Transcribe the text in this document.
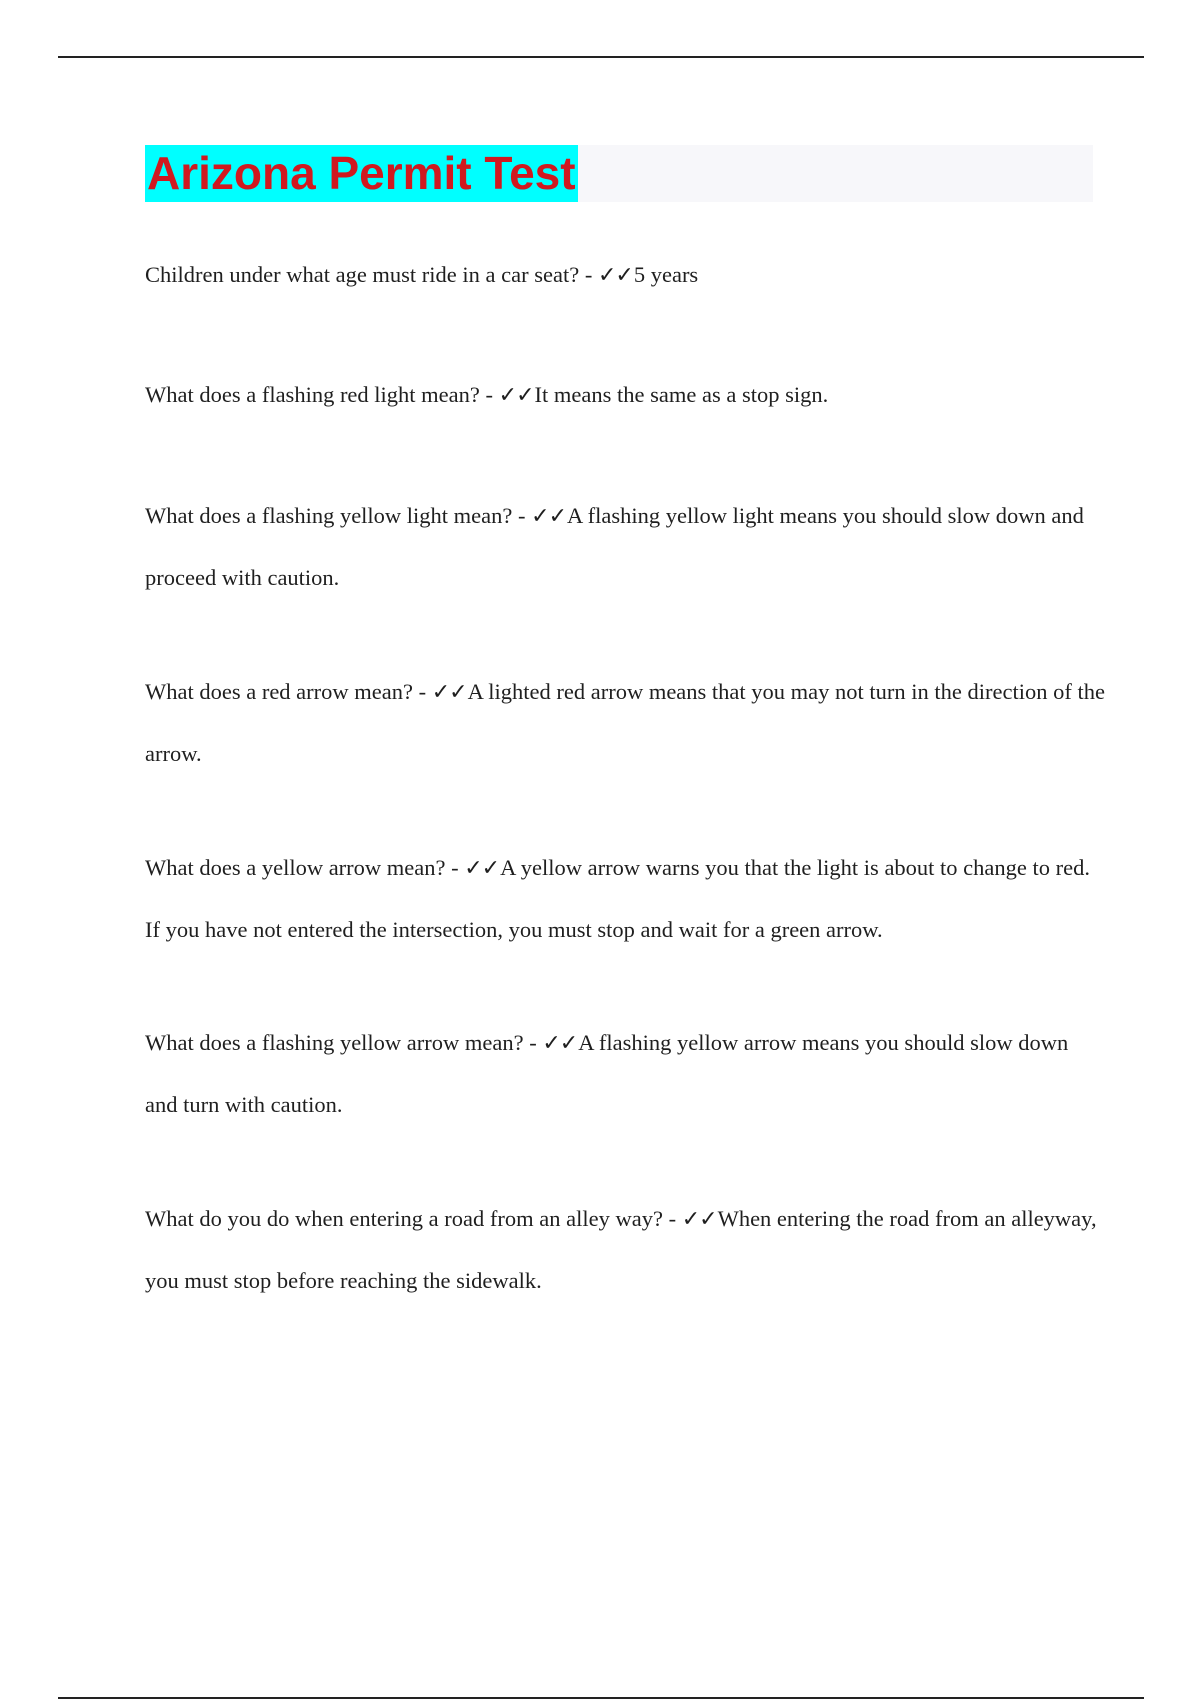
Arizona Permit Test

Children under what age must ride in a car seat? - ✓✓5 years

What does a flashing red light mean? - ✓✓It means the same as a stop sign.

What does a flashing yellow light mean? - ✓✓A flashing yellow light means you should slow down and proceed with caution.

What does a red arrow mean? - ✓✓A lighted red arrow means that you may not turn in the direction of the arrow.

What does a yellow arrow mean? - ✓✓A yellow arrow warns you that the light is about to change to red. If you have not entered the intersection, you must stop and wait for a green arrow.

What does a flashing yellow arrow mean? - ✓✓A flashing yellow arrow means you should slow down and turn with caution.

What do you do when entering a road from an alley way? - ✓✓When entering the road from an alleyway, you must stop before reaching the sidewalk.
